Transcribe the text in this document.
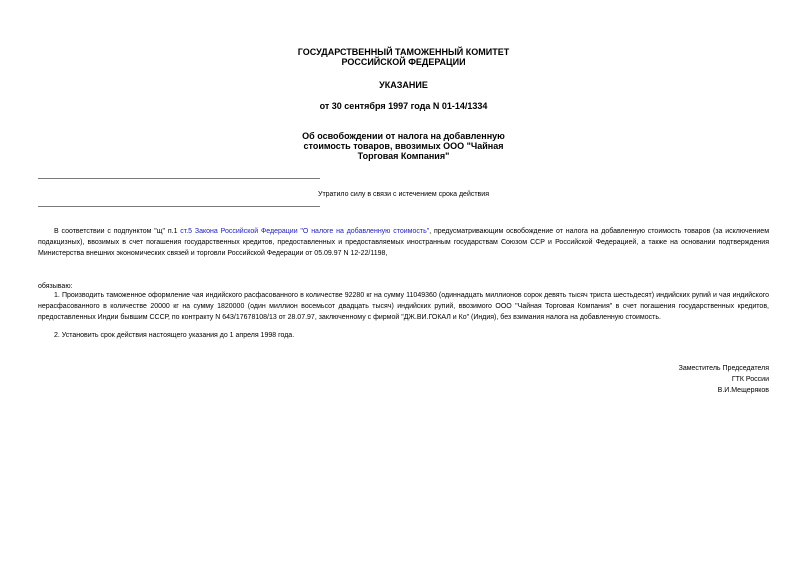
ГОСУДАРСТВЕННЫЙ ТАМОЖЕННЫЙ КОМИТЕТ
РОССИЙСКОЙ ФЕДЕРАЦИИ
УКАЗАНИЕ
от 30 сентября 1997 года N 01-14/1334
Об освобождении от налога на добавленную
стоимость товаров, ввозимых ООО "Чайная
Торговая Компания"
Утратило силу в связи с истечением срока действия
В соответствии с подпунктом "щ" п.1 ст.5 Закона Российской Федерации "О налоге на добавленную стоимость", предусматривающим освобождение от налога на добавленную стоимость товаров (за исключением подакцизных), ввозимых в счет погашения государственных кредитов, предоставленных и предоставляемых иностранным государствам Союзом ССР и Российской Федерацией, а также на основании подтверждения Министерства внешних экономических связей и торговли Российской Федерации от 05.09.97 N 12-22/1198,
обязываю:
1. Производить таможенное оформление чая индийского расфасованного в количестве 92280 кг на сумму 11049360 (одиннадцать миллионов сорок девять тысяч триста шестьдесят) индийских рупий и чая индийского нерасфасованного в количестве 20000 кг на сумму 1820000 (один миллион восемьсот двадцать тысяч) индийских рупий, ввозимого ООО "Чайная Торговая Компания" в счет погашения государственных кредитов, предоставленных Индии бывшим СССР, по контракту N 643/17678108/13 от 28.07.97, заключенному с фирмой "ДЖ.ВИ.ГОКАЛ и Ко" (Индия), без взимания налога на добавленную стоимость.
2. Установить срок действия настоящего указания до 1 апреля 1998 года.
Заместитель Председателя
ГТК России
В.И.Мещеряков
